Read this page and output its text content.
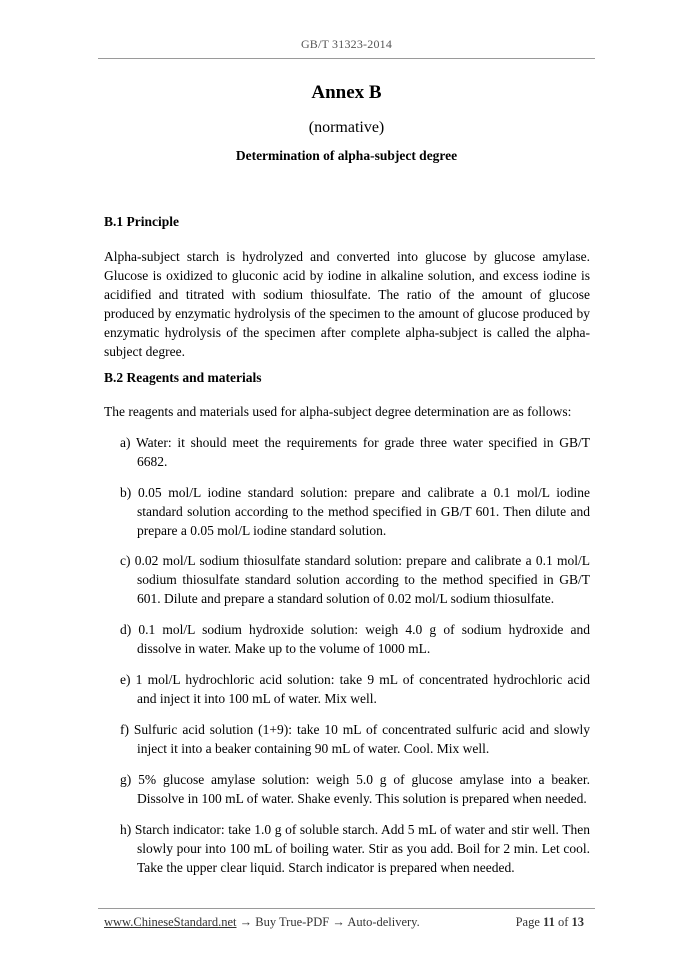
GB/T 31323-2014
Annex B
(normative)
Determination of alpha-subject degree
B.1 Principle
Alpha-subject starch is hydrolyzed and converted into glucose by glucose amylase. Glucose is oxidized to gluconic acid by iodine in alkaline solution, and excess iodine is acidified and titrated with sodium thiosulfate. The ratio of the amount of glucose produced by enzymatic hydrolysis of the specimen to the amount of glucose produced by enzymatic hydrolysis of the specimen after complete alpha-subject is called the alpha-subject degree.
B.2 Reagents and materials
The reagents and materials used for alpha-subject degree determination are as follows:
a) Water: it should meet the requirements for grade three water specified in GB/T 6682.
b) 0.05 mol/L iodine standard solution: prepare and calibrate a 0.1 mol/L iodine standard solution according to the method specified in GB/T 601. Then dilute and prepare a 0.05 mol/L iodine standard solution.
c) 0.02 mol/L sodium thiosulfate standard solution: prepare and calibrate a 0.1 mol/L sodium thiosulfate standard solution according to the method specified in GB/T 601. Dilute and prepare a standard solution of 0.02 mol/L sodium thiosulfate.
d) 0.1 mol/L sodium hydroxide solution: weigh 4.0 g of sodium hydroxide and dissolve in water. Make up to the volume of 1000 mL.
e) 1 mol/L hydrochloric acid solution: take 9 mL of concentrated hydrochloric acid and inject it into 100 mL of water. Mix well.
f) Sulfuric acid solution (1+9): take 10 mL of concentrated sulfuric acid and slowly inject it into a beaker containing 90 mL of water. Cool. Mix well.
g) 5% glucose amylase solution: weigh 5.0 g of glucose amylase into a beaker. Dissolve in 100 mL of water. Shake evenly. This solution is prepared when needed.
h) Starch indicator: take 1.0 g of soluble starch. Add 5 mL of water and stir well. Then slowly pour into 100 mL of boiling water. Stir as you add. Boil for 2 min. Let cool. Take the upper clear liquid. Starch indicator is prepared when needed.
www.ChineseStandard.net → Buy True-PDF → Auto-delivery.	Page 11 of 13
